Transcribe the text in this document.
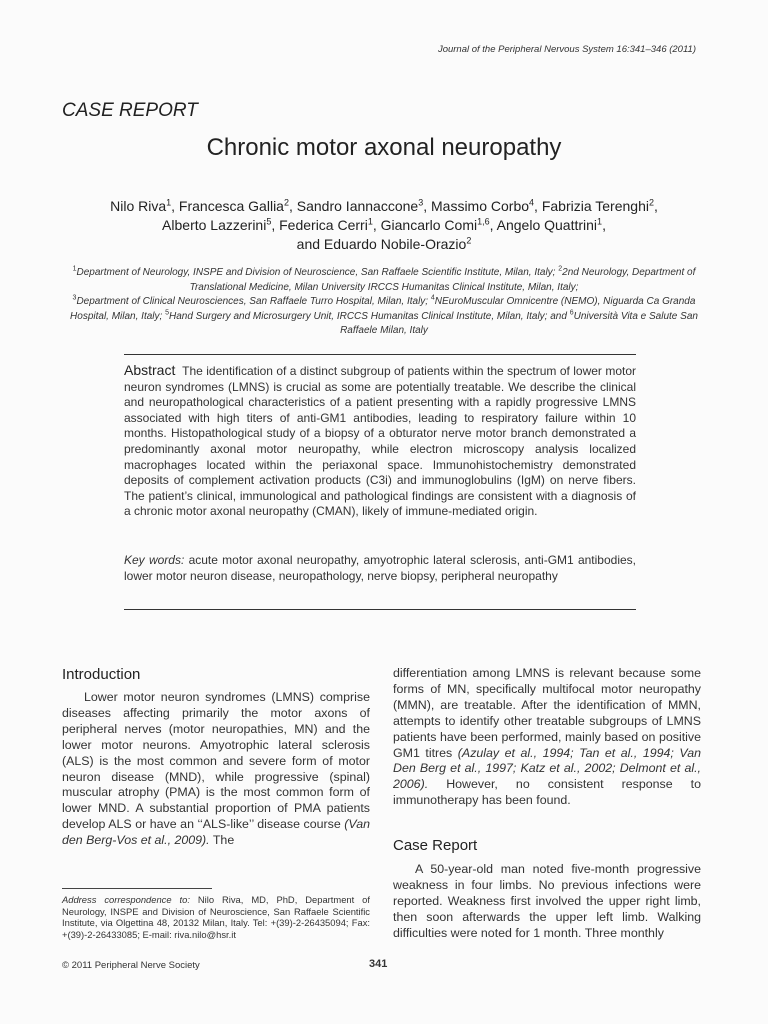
Journal of the Peripheral Nervous System 16:341–346 (2011)
CASE REPORT
Chronic motor axonal neuropathy
Nilo Riva$^1$, Francesca Gallia$^2$, Sandro Iannaccone$^3$, Massimo Corbo$^4$, Fabrizia Terenghi$^2$,
Alberto Lazzerini$^5$, Federica Cerri$^1$, Giancarlo Comi$^{1,6}$, Angelo Quattrini$^1$,
and Eduardo Nobile-Orazio$^2$
$^1$Department of Neurology, INSPE and Division of Neuroscience, San Raffaele Scientific Institute, Milan, Italy; $^2$2nd Neurology, Department of Translational Medicine, Milan University IRCCS Humanitas Clinical Institute, Milan, Italy;
$^3$Department of Clinical Neurosciences, San Raffaele Turro Hospital, Milan, Italy; $^4$NEuroMuscular Omnicentre (NEMO), Niguarda Ca Granda Hospital, Milan, Italy; $^5$Hand Surgery and Microsurgery Unit, IRCCS Humanitas Clinical Institute, Milan, Italy; and $^6$Università Vita e Salute San Raffaele Milan, Italy
Abstract The identification of a distinct subgroup of patients within the spectrum of lower motor neuron syndromes (LMNS) is crucial as some are potentially treatable. We describe the clinical and neuropathological characteristics of a patient presenting with a rapidly progressive LMNS associated with high titers of anti-GM1 antibodies, leading to respiratory failure within 10 months. Histopathological study of a biopsy of a obturator nerve motor branch demonstrated a predominantly axonal motor neuropathy, while electron microscopy analysis localized macrophages located within the periaxonal space. Immunohistochemistry demonstrated deposits of complement activation products (C3i) and immunoglobulins (IgM) on nerve fibers. The patient’s clinical, immunological and pathological findings are consistent with a diagnosis of a chronic motor axonal neuropathy (CMAN), likely of immune-mediated origin.
Key words: acute motor axonal neuropathy, amyotrophic lateral sclerosis, anti-GM1 antibodies, lower motor neuron disease, neuropathology, nerve biopsy, peripheral neuropathy
Introduction

Lower motor neuron syndromes (LMNS) comprise diseases affecting primarily the motor axons of peripheral nerves (motor neuropathies, MN) and the lower motor neurons. Amyotrophic lateral sclerosis (ALS) is the most common and severe form of motor neuron disease (MND), while progressive (spinal) muscular atrophy (PMA) is the most common form of lower MND. A substantial proportion of PMA patients develop ALS or have an ‘‘ALS-like’’ disease course (Van den Berg-Vos et al., 2009). The

Address correspondence to: Nilo Riva, MD, PhD, Department of Neurology, INSPE and Division of Neuroscience, San Raffaele Scientific Institute, via Olgettina 48, 20132 Milan, Italy. Tel: +(39)-2-26435094; Fax: +(39)-2-26433085; E-mail: riva.nilo@hsr.it

differentiation among LMNS is relevant because some forms of MN, specifically multifocal motor neuropathy (MMN), are treatable. After the identification of MMN, attempts to identify other treatable subgroups of LMNS patients have been performed, mainly based on positive GM1 titres (Azulay et al., 1994; Tan et al., 1994; Van Den Berg et al., 1997; Katz et al., 2002; Delmont et al., 2006). However, no consistent response to immunotherapy has been found.

Case Report

A 50-year-old man noted five-month progressive weakness in four limbs. No previous infections were reported. Weakness first involved the upper right limb, then soon afterwards the upper left limb. Walking difficulties were noted for 1 month. Three monthly

© 2011 Peripheral Nerve Society	341
